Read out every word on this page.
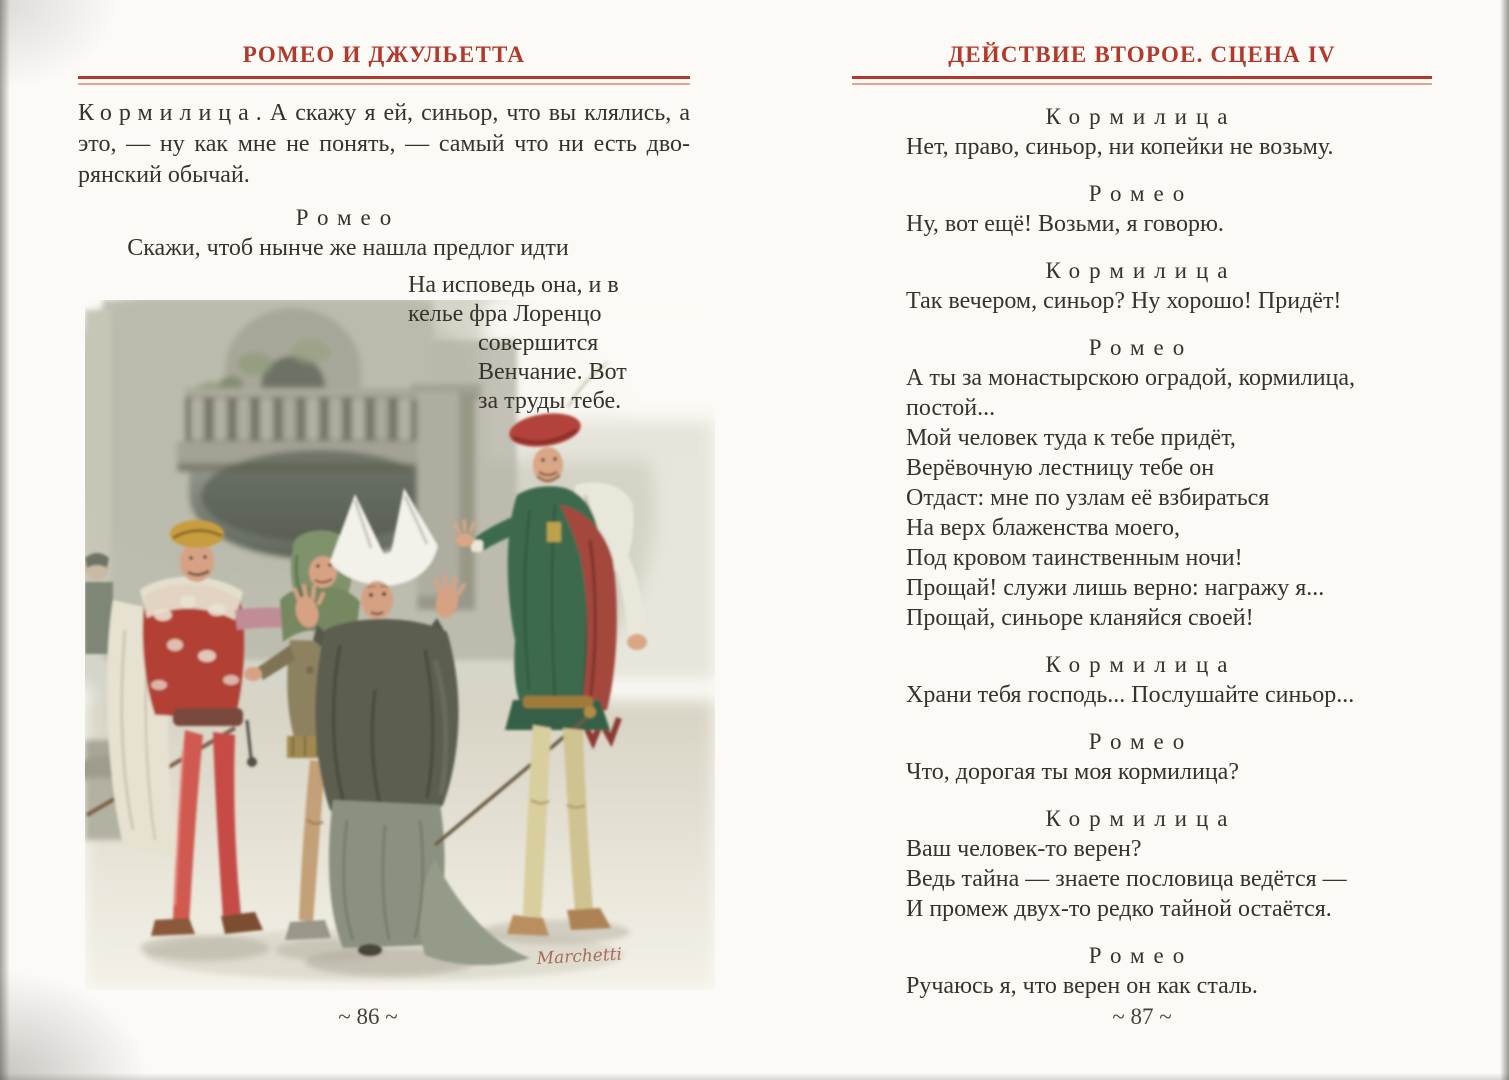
РОМЕО И ДЖУЛЬЕТТА

Кормилица. А скажу я ей, синьор, что вы клялись, а

это, — ну как мне не понять, — самый что ни есть дво-

рянский обычай.

Ромео

Скажи, чтоб нынче же нашла предлог идти

На исповедь она, и в
келье фра Лоренцо
совершится
Венчание. Вот
за труды тебе.
Marchetti
ДЕЙСТВИЕ ВТОРОЕ. СЦЕНА IV
Кормилица

Нет, право, синьор, ни копейки не возьму.

Ромео

Ну, вот ещё! Возьми, я говорю.

Кормилица

Так вечером, синьор? Ну хорошо! Придёт!

Ромео

А ты за монастырскою оградой, кормилица,

постой...

Мой человек туда к тебе придёт,

Верёвочную лестницу тебе он

Отдаст: мне по узлам её взбираться

На верх блаженства моего,

Под кровом таинственным ночи!

Прощай! служи лишь верно: награжу я...

Прощай, синьоре кланяйся своей!

Кормилица

Храни тебя господь... Послушайте синьор...

Ромео

Что, дорогая ты моя кормилица?

Кормилица

Ваш человек-то верен?

Ведь тайна — знаете пословица ведётся —

И промеж двух-то редко тайной остаётся.

Ромео

Ручаюсь я, что верен он как сталь.

~ 86 ~	~ 87 ~
